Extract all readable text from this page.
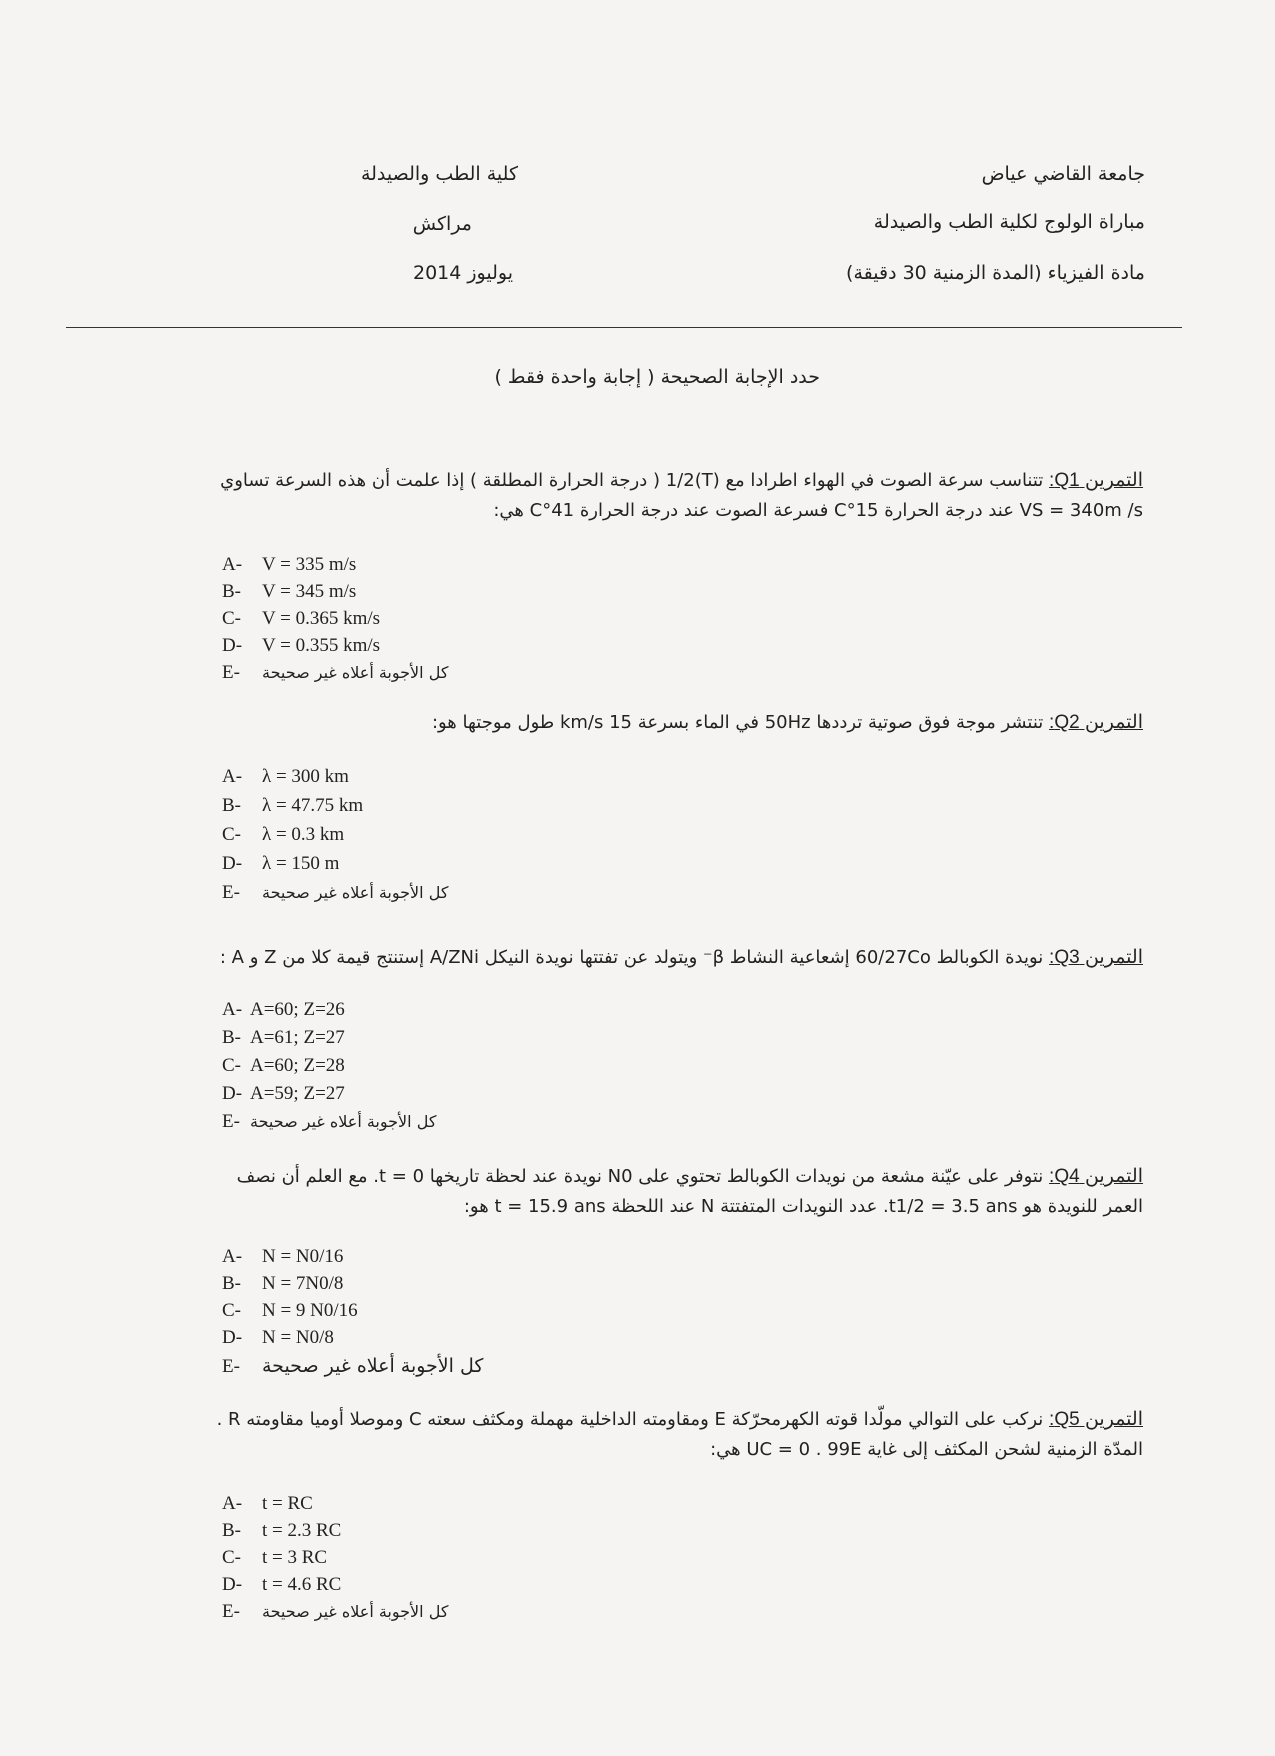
كلية الطب والصيدلة
مراكش
يوليوز 2014
جامعة القاضي عياض
مباراة الولوج لكلية الطب والصيدلة
مادة الفيزياء (المدة الزمنية 30 دقيقة)
حدد الإجابة الصحيحة ( إجابة واحدة فقط )
التمرين Q1: تتناسب سرعة الصوت في الهواء اطرادا مع (T)1/2 ( درجة الحرارة المطلقة ) إذا علمت أن هذه السرعة تساوي
VS = 340m /s عند درجة الحرارة 15°C فسرعة الصوت عند درجة الحرارة 41°C هي:
A- V = 335 m/s
B- V = 345 m/s
C- V = 0.365 km/s
D- V = 0.355 km/s
E- كل الأجوبة أعلاه غير صحيحة
التمرين Q2: تنتشر موجة فوق صوتية ترددها 50Hz في الماء بسرعة 15 km/s طول موجتها هو:
A- λ = 300 km
B- λ = 47.75 km
C- λ = 0.3 km
D- λ = 150 m
E- كل الأجوبة أعلاه غير صحيحة
التمرين Q3: نويدة الكوبالط 60/27Co إشعاعية النشاط β⁻ ويتولد عن تفتتها نويدة النيكل A/ZNi إستنتج قيمة كلا من Z و A :
A- A=60; Z=26
B- A=61; Z=27
C- A=60; Z=28
D- A=59; Z=27
E- كل الأجوبة أعلاه غير صحيحة
التمرين Q4: نتوفر على عيّنة مشعة من نويدات الكوبالط تحتوي على N0 نويدة عند لحظة تاريخها t = 0. مع العلم أن نصف
العمر للنويدة هو t1/2 = 3.5 ans. عدد النويدات المتفتتة N عند اللحظة t = 15.9 ans هو:
A- N = N0/16
B- N = 7N0/8
C- N = 9 N0/16
D- N = N0/8
E- كل الأجوبة أعلاه غير صحيحة
التمرين Q5: نركب على التوالي مولّدا قوته الكهرمحرّكة E ومقاومته الداخلية مهملة ومكثف سعته C وموصلا أوميا مقاومته R .
المدّة الزمنية لشحن المكثف إلى غاية UC = 0 . 99E هي:
A- t = RC
B- t = 2.3 RC
C- t = 3 RC
D- t = 4.6 RC
E- كل الأجوبة أعلاه غير صحيحة
